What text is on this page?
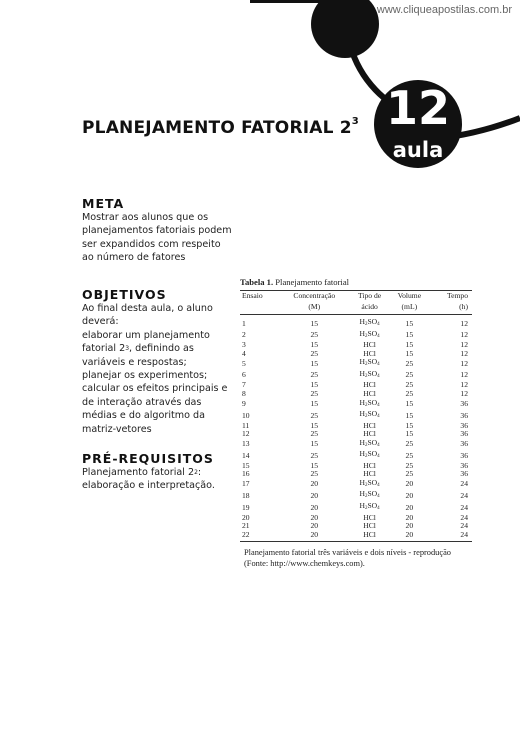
www.cliqueapostilas.com.br
12
aula
PLANEJAMENTO FATORIAL $2^3$
META
Mostrar aos alunos que os
planejamentos fatoriais podem
ser expandidos com respeito
ao número de fatores
OBJETIVOS
Ao final desta aula, o aluno
deverá:
elaborar um planejamento
fatorial $2^3$, definindo as
variáveis e respostas;
planejar os experimentos;
calcular os efeitos principais e
de interação através das
médias e do algoritmo da
matriz-vetores
PRÉ-REQUISITOS
Planejamento fatorial $2^2$:
elaboração e interpretação.
Tabela 1. Planejamento fatorial
Ensaio	Concentração	Tipo de	Volume	Tempo
	(M)	ácido	(mL)	(h)
1	15	$H_2SO_4$	15	12
2	25	$H_2SO_4$	15	12
3	15	HCl	15	12
4	25	HCl	15	12
5	15	$H_2SO_4$	25	12
6	25	$H_2SO_4$	25	12
7	15	HCl	25	12
8	25	HCl	25	12
9	15	$H_2SO_4$	15	36
10	25	$H_2SO_4$	15	36
11	15	HCl	15	36
12	25	HCl	15	36
13	15	$H_2SO_4$	25	36
14	25	$H_2SO_4$	25	36
15	15	HCl	25	36
16	25	HCl	25	36
17	20	$H_2SO_4$	20	24
18	20	$H_2SO_4$	20	24
19	20	$H_2SO_4$	20	24
20	20	HCl	20	24
21	20	HCl	20	24
22	20	HCl	20	24
Planejamento fatorial três variáveis e dois níveis - reprodução
(Fonte: http://www.chemkeys.com).
